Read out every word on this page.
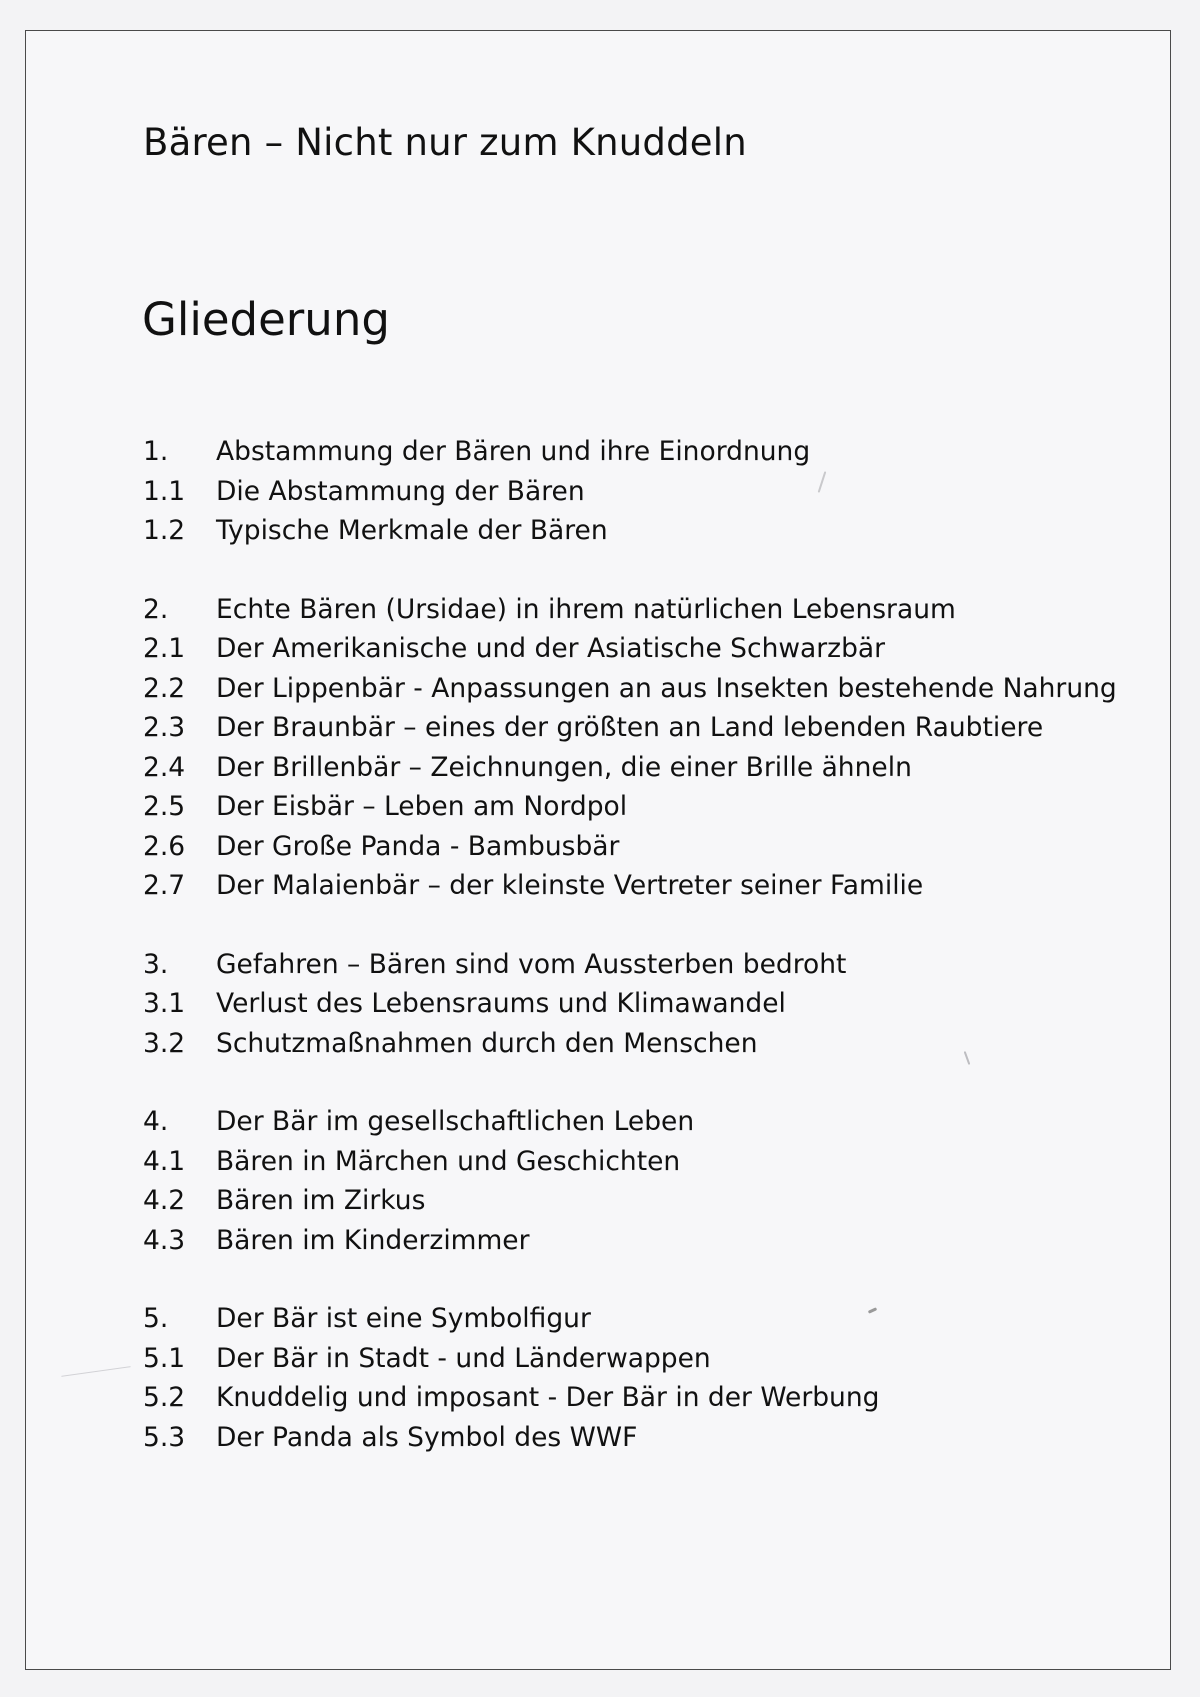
Bären – Nicht nur zum Knuddeln
Gliederung
1.	Abstammung der Bären und ihre Einordnung
1.1	Die Abstammung der Bären
1.2	Typische Merkmale der Bären
2.	Echte Bären (Ursidae) in ihrem natürlichen Lebensraum
2.1	Der Amerikanische und der Asiatische Schwarzbär
2.2	Der Lippenbär - Anpassungen an aus Insekten bestehende Nahrung
2.3	Der Braunbär – eines der größten an Land lebenden Raubtiere
2.4	Der Brillenbär – Zeichnungen, die einer Brille ähneln
2.5	Der Eisbär – Leben am Nordpol
2.6	Der Große Panda - Bambusbär
2.7	Der Malaienbär – der kleinste Vertreter seiner Familie
3.	Gefahren – Bären sind vom Aussterben bedroht
3.1	Verlust des Lebensraums und Klimawandel
3.2	Schutzmaßnahmen durch den Menschen
4.	Der Bär im gesellschaftlichen Leben
4.1	Bären in Märchen und Geschichten
4.2	Bären im Zirkus
4.3	Bären im Kinderzimmer
5.	Der Bär ist eine Symbolfigur
5.1	Der Bär in Stadt - und Länderwappen
5.2	Knuddelig und imposant - Der Bär in der Werbung
5.3	Der Panda als Symbol des WWF
